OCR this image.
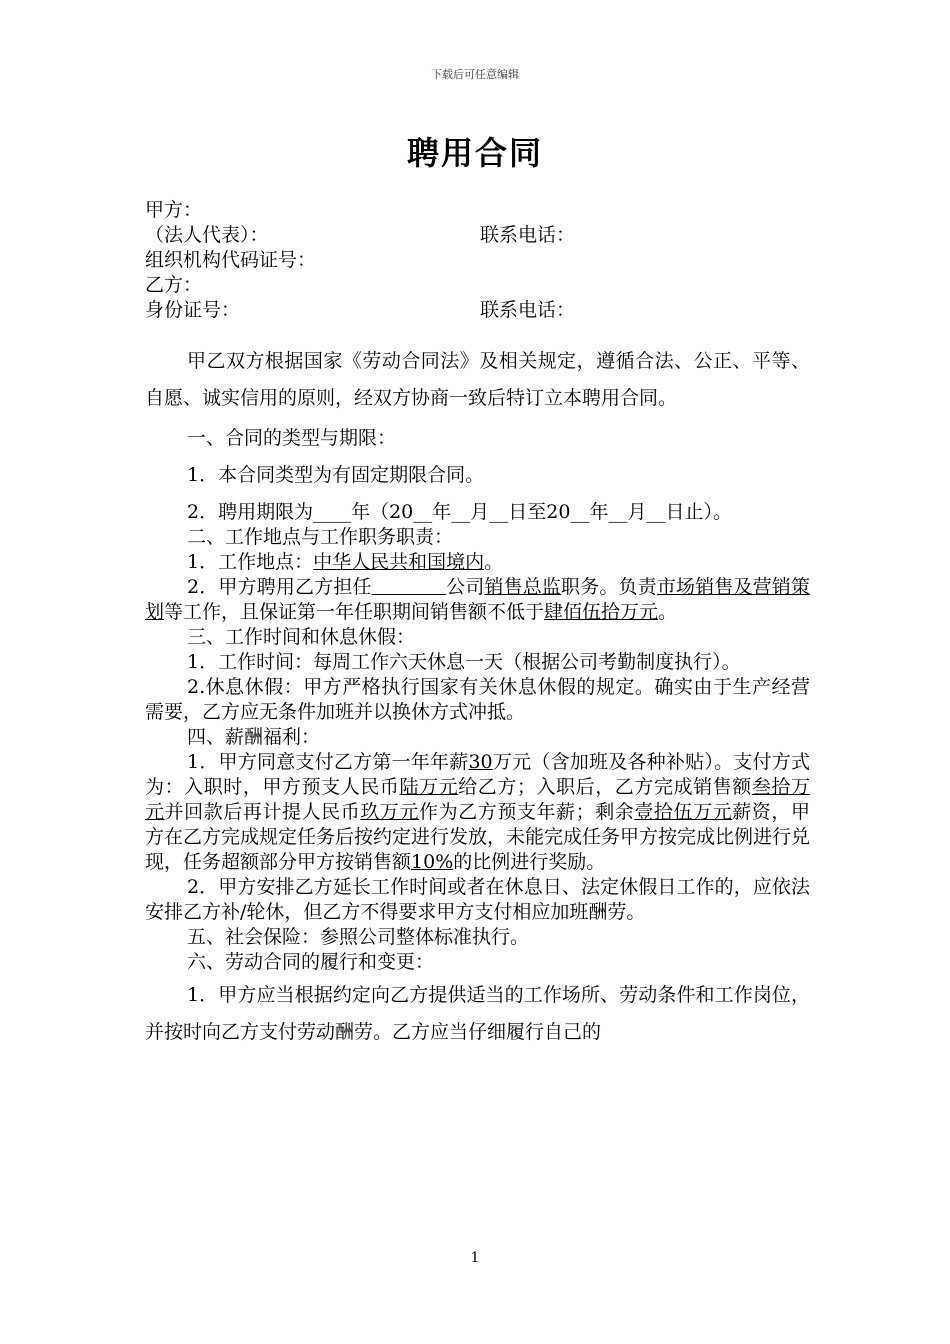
下载后可任意编辑
聘用合同
甲方：
（法人代表）：	联系电话：
组织机构代码证号：
乙方：
身份证号：	联系电话：
甲乙双方根据国家《劳动合同法》及相关规定，遵循合法、公正、平等、自愿、诚实信用的原则，经双方协商一致后特订立本聘用合同。
一、合同的类型与期限：
1．本合同类型为有固定期限合同。
2．聘用期限为____年（20__年__月__日至20__年__月__日止）。
二、工作地点与工作职务职责：
1．工作地点：中华人民共和国境内。
2．甲方聘用乙方担任	公司销售总监职务。负责市场销售及营销策划等工作，且保证第一年任职期间销售额不低于肆佰伍拾万元。
三、工作时间和休息休假：
1．工作时间：每周工作六天休息一天（根据公司考勤制度执行）。
2.休息休假：甲方严格执行国家有关休息休假的规定。确实由于生产经营需要，乙方应无条件加班并以换休方式冲抵。
四、薪酬福利：
1．甲方同意支付乙方第一年年薪30万元（含加班及各种补贴）。支付方式为：入职时，甲方预支人民币陆万元给乙方；入职后，乙方完成销售额叁拾万元并回款后再计提人民币玖万元作为乙方预支年薪；剩余壹拾伍万元薪资，甲方在乙方完成规定任务后按约定进行发放，未能完成任务甲方按完成比例进行兑现，任务超额部分甲方按销售额10%的比例进行奖励。
2．甲方安排乙方延长工作时间或者在休息日、法定休假日工作的，应依法安排乙方补/轮休，但乙方不得要求甲方支付相应加班酬劳。
五、社会保险：参照公司整体标准执行。
六、劳动合同的履行和变更：
1．甲方应当根据约定向乙方提供适当的工作场所、劳动条件和工作岗位，并按时向乙方支付劳动酬劳。乙方应当仔细履行自己的
1
